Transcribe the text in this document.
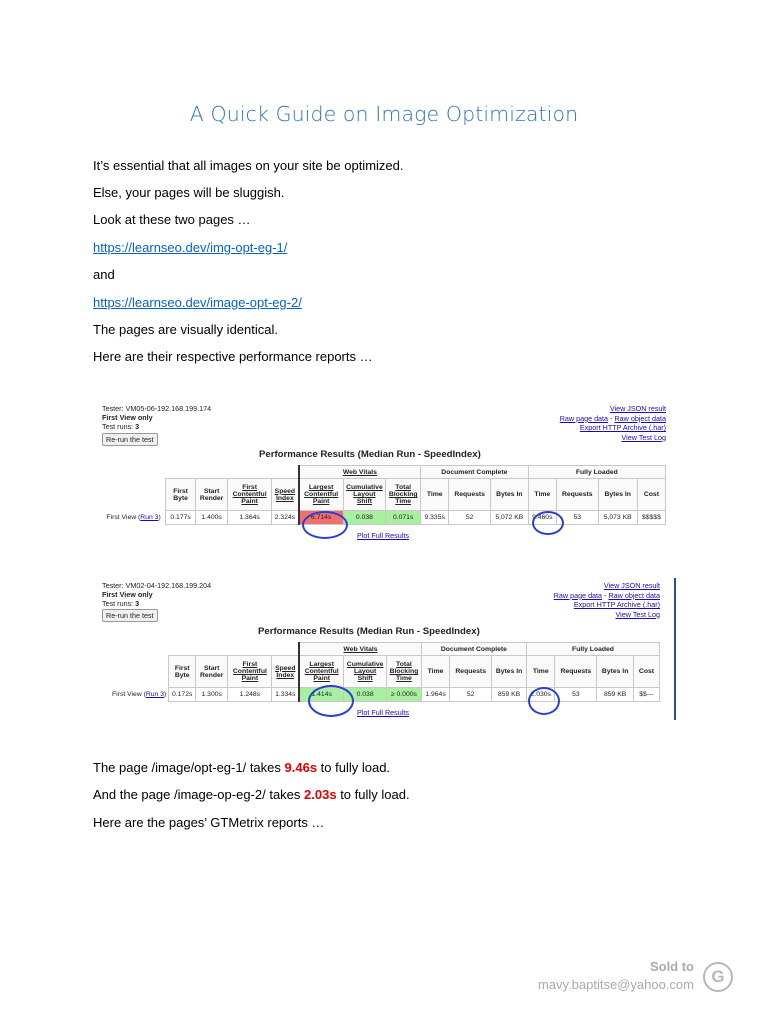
A Quick Guide on Image Optimization
It’s essential that all images on your site be optimized.
Else, your pages will be sluggish.
Look at these two pages …
https://learnseo.dev/img-opt-eg-1/
and
https://learnseo.dev/image-opt-eg-2/
The pages are visually identical.
Here are their respective performance reports …
Tester: VM05-06-192.168.199.174
First View only
Test runs: 3
Re-run the test
View JSON result
Raw page data - Raw object data
Export HTTP Archive (.har)
View Test Log
Performance Results (Median Run - SpeedIndex)
					Web Vitals			Document Complete			Fully Loaded			
	First Byte	Start Render	First Contentful Paint	Speed Index	Largest Contentful Paint	Cumulative Layout Shift	Total Blocking Time	Time	Requests	Bytes In	Time	Requests	Bytes In	Cost
First View (Run 3)	0.177s	1.400s	1.364s	2.324s	6.714s	0.038	0.071s	9.335s	52	5,072 KB	9.460s	53	5,073 KB	$$$$$
Plot Full Results
Tester: VM02-04-192.168.199.204
First View only
Test runs: 3
Re-run the test
View JSON result
Raw page data - Raw object data
Export HTTP Archive (.har)
View Test Log
Performance Results (Median Run - SpeedIndex)
					Web Vitals			Document Complete			Fully Loaded			
	First Byte	Start Render	First Contentful Paint	Speed Index	Largest Contentful Paint	Cumulative Layout Shift	Total Blocking Time	Time	Requests	Bytes In	Time	Requests	Bytes In	Cost
First View (Run 3)	0.172s	1.300s	1.248s	1.334s	1.414s	0.038	≥ 0.000s	1.964s	52	859 KB	2.030s	53	859 KB	$$---
Plot Full Results
The page /image/opt-eg-1/ takes 9.46s to fully load.
And the page /image-op-eg-2/ takes 2.03s to fully load.
Here are the pages’ GTMetrix reports …
Sold to
mavy.baptitse@yahoo.com	G
